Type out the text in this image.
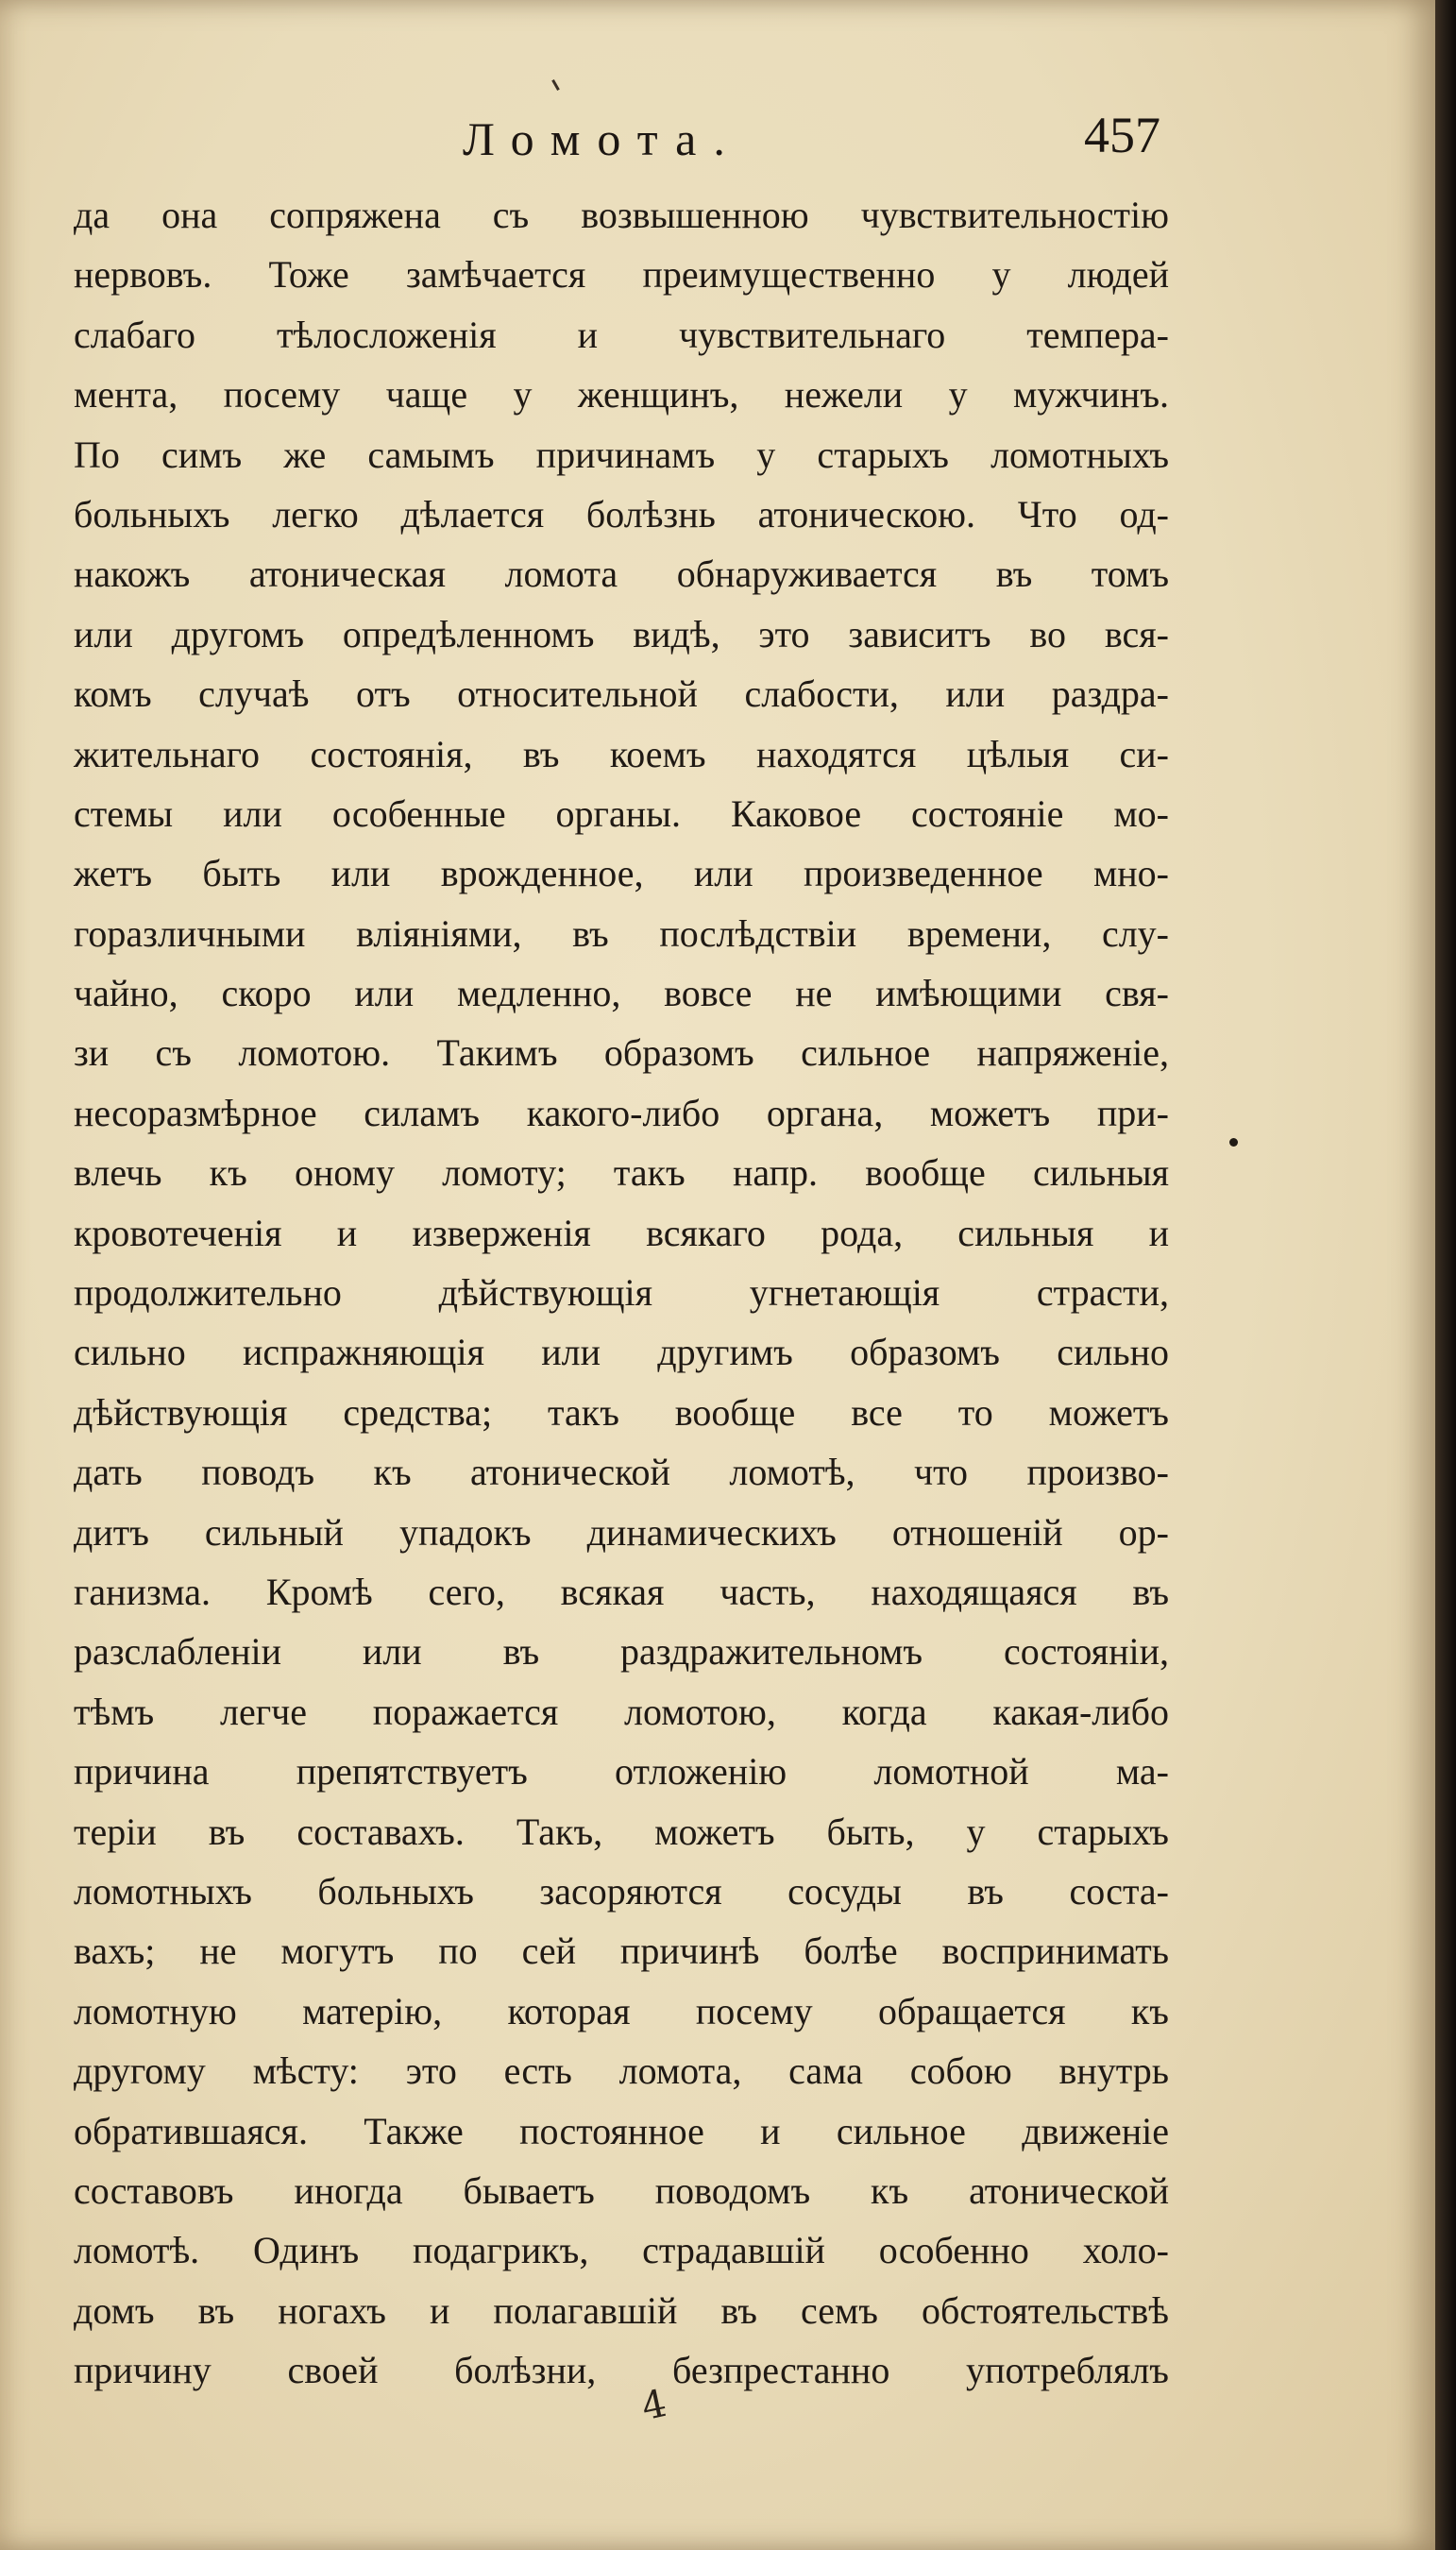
Ломота.	457
да она сопряжена съ возвышенною чувствительностію
нервовъ. Тоже замѣчается преимущественно у людей
слабаго тѣлосложенія и чувствительнаго темпера-
мента, посему чаще у женщинъ, нежели у мужчинъ.
По симъ же самымъ причинамъ у старыхъ ломотныхъ
больныхъ легко дѣлается болѣзнь атоническою. Что од-
накожъ атоническая ломота обнаруживается въ томъ
или другомъ опредѣленномъ видѣ, это зависитъ во вся-
комъ случаѣ отъ относительной слабости, или раздра-
жительнаго состоянія, въ коемъ находятся цѣлыя си-
стемы или особенные органы. Каковое состояніе мо-
жетъ быть или врожденное, или произведенное мно-
горазличными вліяніями, въ послѣдствіи времени, слу-
чайно, скоро или медленно, вовсе не имѣющими свя-
зи съ ломотою. Такимъ образомъ сильное напряженіе,
несоразмѣрное силамъ какого-либо органа, можетъ при-
влечь къ оному ломоту; такъ напр. вообще сильныя
кровотеченія и изверженія всякаго рода, сильныя и
продолжительно дѣйствующія угнетающія страсти,
сильно испражняющія или другимъ образомъ сильно
дѣйствующія средства; такъ вообще все то можетъ
дать поводъ къ атонической ломотѣ, что произво-
дитъ сильный упадокъ динамическихъ отношеній ор-
ганизма. Кромѣ сего, всякая часть, находящаяся въ
разслабленіи или въ раздражительномъ состояніи,
тѣмъ легче поражается ломотою, когда какая-либо
причина препятствуетъ отложенію ломотной ма-
теріи въ составахъ. Такъ, можетъ быть, у старыхъ
ломотныхъ больныхъ засоряются сосуды въ соста-
вахъ; не могутъ по сей причинѣ болѣе воспринимать
ломотную матерію, которая посему обращается къ
другому мѣсту: это есть ломота, сама собою внутрь
обратившаяся. Также постоянное и сильное движеніе
составовъ иногда бываетъ поводомъ къ атонической
ломотѣ. Одинъ подагрикъ, страдавшій особенно холо-
домъ въ ногахъ и полагавшій въ семъ обстоятельствѣ
причину своей болѣзни, безпрестанно употреблялъ
4
